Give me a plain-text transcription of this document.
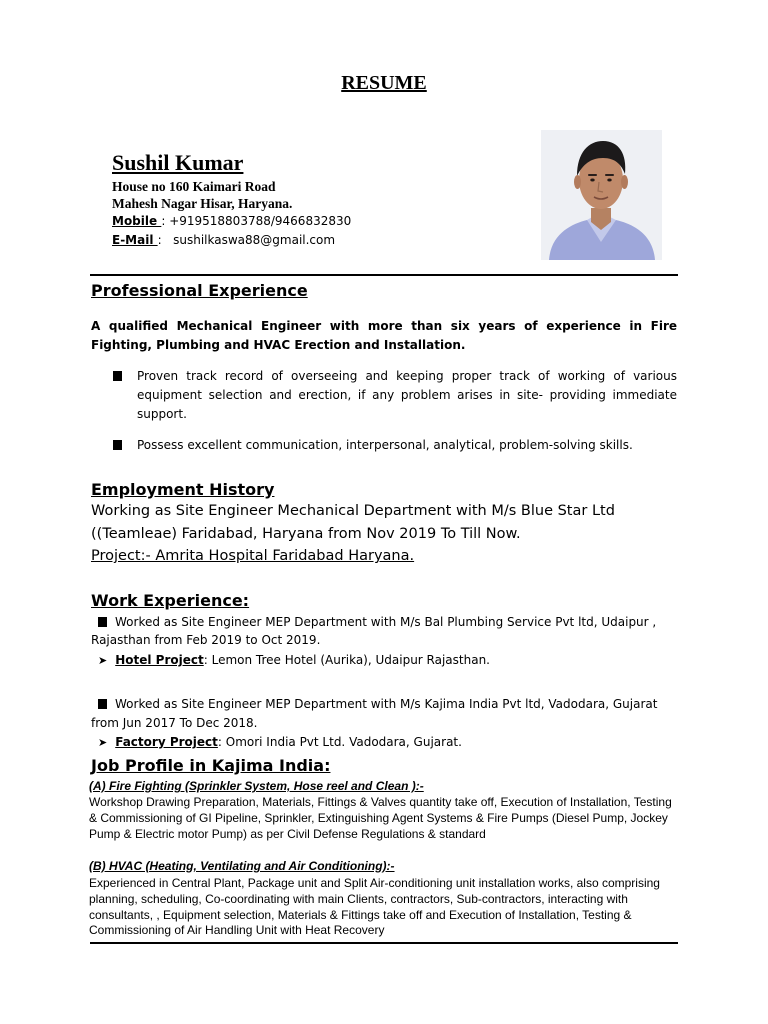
RESUME
Sushil Kumar
House no 160 Kaimari Road
Mahesh Nagar Hisar, Haryana.
Mobile : +919518803788/9466832830
E-Mail :   sushilkaswa88@gmail.com
Professional Experience
A qualified Mechanical Engineer with more than six years of experience in Fire Fighting, Plumbing and HVAC Erection and Installation.
Proven track record of overseeing and keeping proper track of working of various equipment selection and erection, if any problem arises in site- providing immediate support.
Possess excellent communication, interpersonal, analytical, problem-solving skills.
Employment History
Working as Site Engineer Mechanical Department with M/s Blue Star Ltd
((Teamleae) Faridabad, Haryana from Nov 2019 To Till Now.
Project:- Amrita Hospital Faridabad Haryana.
Work Experience:
Worked as Site Engineer MEP Department with M/s Bal Plumbing Service Pvt ltd, Udaipur ,
Rajasthan from Feb 2019 to Oct 2019.
➤ Hotel Project: Lemon Tree Hotel (Aurika), Udaipur Rajasthan.
Worked as Site Engineer MEP Department with M/s Kajima India Pvt ltd, Vadodara, Gujarat
from Jun 2017 To Dec 2018.
➤ Factory Project: Omori India Pvt Ltd. Vadodara, Gujarat.
Job Profile in Kajima India:
(A) Fire Fighting (Sprinkler System, Hose reel and Clean ):-
Workshop Drawing Preparation, Materials, Fittings & Valves quantity take off, Execution of Installation, Testing & Commissioning of GI Pipeline, Sprinkler, Extinguishing Agent Systems & Fire Pumps (Diesel Pump, Jockey Pump & Electric motor Pump) as per Civil Defense Regulations & standard
(B) HVAC (Heating, Ventilating and Air Conditioning):-
Experienced in Central Plant, Package unit and Split Air-conditioning unit installation works, also comprising planning, scheduling, Co-coordinating with main Clients, contractors, Sub-contractors, interacting with consultants, , Equipment selection, Materials & Fittings take off and Execution of Installation, Testing & Commissioning of Air Handling Unit with Heat Recovery
